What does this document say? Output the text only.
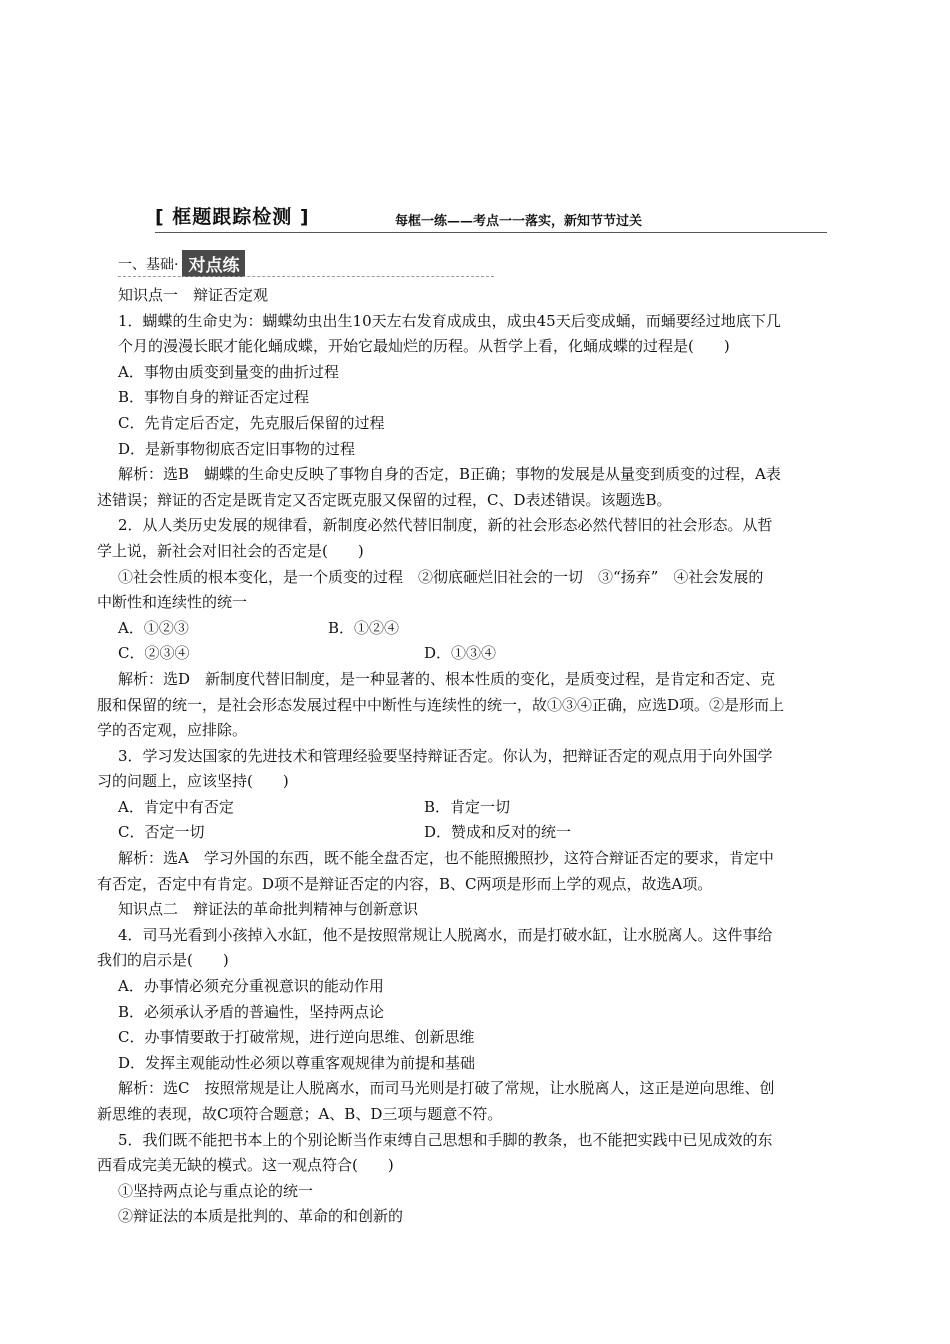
[ 框题跟踪检测 ]	每框一练——考点一一落实，新知节节过关
一、基础· 对点练

知识点一　辩证否定观

1．蝴蝶的生命史为：蝴蝶幼虫出生10天左右发育成成虫，成虫45天后变成蛹，而蛹要经过地底下几

个月的漫漫长眠才能化蛹成蝶，开始它最灿烂的历程。从哲学上看，化蛹成蝶的过程是(　　)

A．事物由质变到量变的曲折过程

B．事物自身的辩证否定过程

C．先肯定后否定，先克服后保留的过程

D．是新事物彻底否定旧事物的过程

解析：选B　蝴蝶的生命史反映了事物自身的否定，B正确；事物的发展是从量变到质变的过程，A表

述错误；辩证的否定是既肯定又否定既克服又保留的过程，C、D表述错误。该题选B。

2．从人类历史发展的规律看，新制度必然代替旧制度，新的社会形态必然代替旧的社会形态。从哲

学上说，新社会对旧社会的否定是(　　)

①社会性质的根本变化，是一个质变的过程　②彻底砸烂旧社会的一切　③“扬弃”　④社会发展的

中断性和连续性的统一

A．①②③	B．①②④

C．②③④	D．①③④

解析：选D　新制度代替旧制度，是一种显著的、根本性质的变化，是质变过程，是肯定和否定、克

服和保留的统一，是社会形态发展过程中中断性与连续性的统一，故①③④正确，应选D项。②是形而上

学的否定观，应排除。

3．学习发达国家的先进技术和管理经验要坚持辩证否定。你认为，把辩证否定的观点用于向外国学

习的问题上，应该坚持(　　)

A．肯定中有否定	B．肯定一切

C．否定一切	D．赞成和反对的统一

解析：选A　学习外国的东西，既不能全盘否定，也不能照搬照抄，这符合辩证否定的要求，肯定中

有否定，否定中有肯定。D项不是辩证否定的内容，B、C两项是形而上学的观点，故选A项。

知识点二　辩证法的革命批判精神与创新意识

4．司马光看到小孩掉入水缸，他不是按照常规让人脱离水，而是打破水缸，让水脱离人。这件事给

我们的启示是(　　)

A．办事情必须充分重视意识的能动作用

B．必须承认矛盾的普遍性，坚持两点论

C．办事情要敢于打破常规，进行逆向思维、创新思维

D．发挥主观能动性必须以尊重客观规律为前提和基础

解析：选C　按照常规是让人脱离水，而司马光则是打破了常规，让水脱离人，这正是逆向思维、创

新思维的表现，故C项符合题意；A、B、D三项与题意不符。

5．我们既不能把书本上的个别论断当作束缚自己思想和手脚的教条，也不能把实践中已见成效的东

西看成完美无缺的模式。这一观点符合(　　)

①坚持两点论与重点论的统一

②辩证法的本质是批判的、革命的和创新的
